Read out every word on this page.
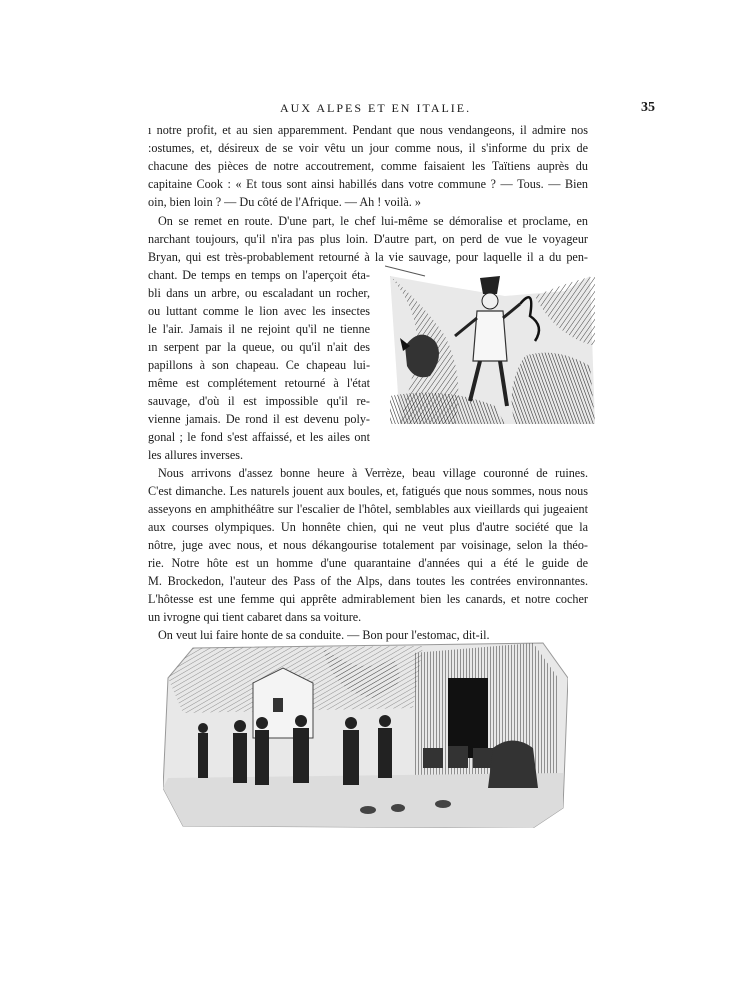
AUX ALPES ET EN ITALIE.	35
ı notre profit, et au sien apparemment. Pendant que nous vendangeons, il admire nos
:ostumes, et, désireux de se voir vêtu un jour comme nous, il s'informe du prix de
chacune des pièces de notre accoutrement, comme faisaient les Taïtiens auprès du
capitaine Cook : « Et tous sont ainsi habillés dans votre commune ? — Tous. — Bien
oin, bien loin ? — Du côté de l'Afrique. — Ah ! voilà. »
On se remet en route. D'une part, le chef lui-même se démoralise et proclame, en
narchant toujours, qu'il n'ira pas plus loin. D'autre part, on perd de vue le voyageur
Bryan, qui est très-probablement retourné à la vie sauvage, pour laquelle il a du pen-
chant. De temps en temps on l'aperçoit éta-
bli dans un arbre, ou escaladant un rocher,
ou luttant comme le lion avec les insectes
le l'air. Jamais il ne rejoint qu'il ne tienne
ın serpent par la queue, ou qu'il n'ait des
papillons à son chapeau. Ce chapeau lui-
même est complétement retourné à l'état
sauvage, d'où il est impossible qu'il re-
vienne jamais. De rond il est devenu poly-
gonal ; le fond s'est affaissé, et les ailes ont
les allures inverses.
Nous arrivons d'assez bonne heure à Verrèze, beau village couronné de ruines.
C'est dimanche. Les naturels jouent aux boules, et, fatigués que nous sommes, nous nous
asseyons en amphithéâtre sur l'escalier de l'hôtel, semblables aux vieillards qui jugeaient
aux courses olympiques. Un honnête chien, qui ne veut plus d'autre société que la
nôtre, juge avec nous, et nous dékangourise totalement par voisinage, selon la théo-
rie. Notre hôte est un homme d'une quarantaine d'années qui a été le guide de
M. Brockedon, l'auteur des Pass of the Alps, dans toutes les contrées environnantes.
L'hôtesse est une femme qui apprête admirablement bien les canards, et notre cocher
un ivrogne qui tient cabaret dans sa voiture.
On veut lui faire honte de sa conduite. — Bon pour l'estomac, dit-il.
